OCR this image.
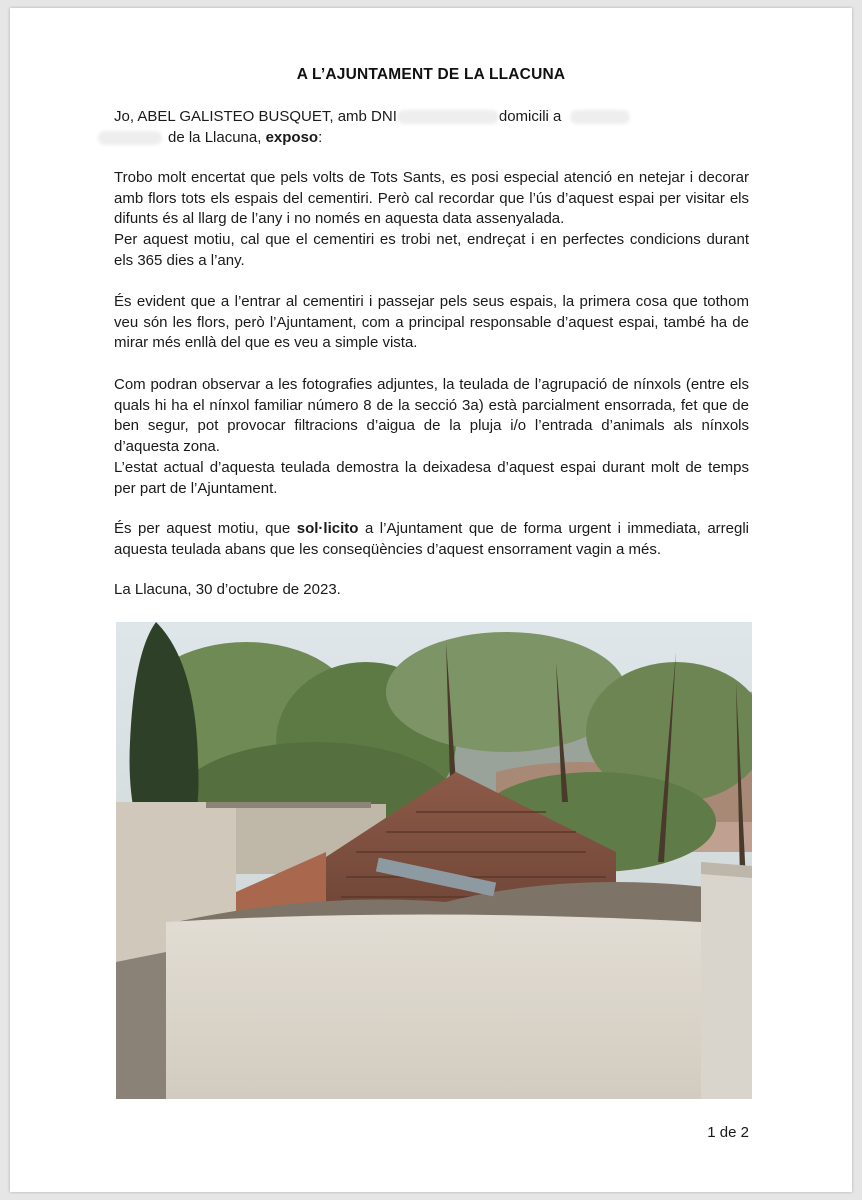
A L’AJUNTAMENT DE LA LLACUNA
Jo, ABEL GALISTEO BUSQUET, amb DNI	domicili a
de la Llacuna, exposo:
Trobo molt encertat que pels volts de Tots Sants, es posi especial atenció en netejar i decorar amb flors tots els espais del cementiri. Però cal recordar que l’ús d’aquest espai per visitar els difunts és al llarg de l’any i no només en aquesta data assenyalada.
Per aquest motiu, cal que el cementiri es trobi net, endreçat i en perfectes condicions durant els 365 dies a l’any.
És evident que a l’entrar al cementiri i passejar pels seus espais, la primera cosa que tothom veu són les flors, però l’Ajuntament, com a principal responsable d’aquest espai, també ha de mirar més enllà del que es veu a simple vista.
Com podran observar a les fotografies adjuntes, la teulada de l’agrupació de nínxols (entre els quals hi ha el nínxol familiar número 8 de la secció 3a) està parcialment ensorrada, fet que de ben segur, pot provocar filtracions d’aigua de la pluja i/o l’entrada d’animals als nínxols d’aquesta zona.
L’estat actual d’aquesta teulada demostra la deixadesa d’aquest espai durant molt de temps per part de l’Ajuntament.
És per aquest motiu, que sol·licito a l’Ajuntament que de forma urgent i immediata, arregli aquesta teulada abans que les conseqüències d’aquest ensorrament vagin a més.
La Llacuna, 30 d’octubre de 2023.
1 de 2
